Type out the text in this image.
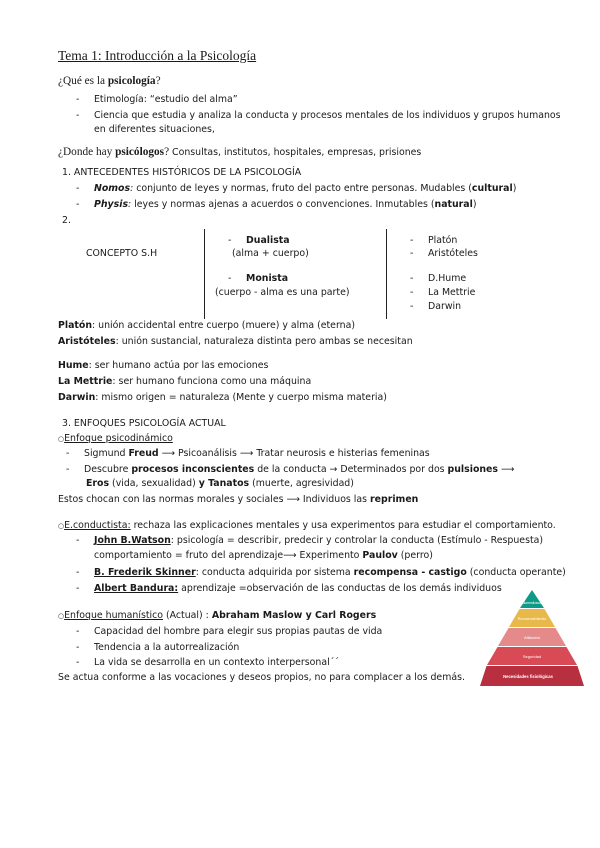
Tema 1: Introducción a la Psicología
¿Qué es la psicología?
- Etimología: “estudio del alma”
- Ciencia que estudia y analiza la conducta y procesos mentales de los individuos y grupos humanos
en diferentes situaciones,
¿Donde hay psicólogos? Consultas, institutos, hospitales, empresas, prisiones
1. ANTECEDENTES HISTÓRICOS DE LA PSICOLOGÍA
- Nomos: conjunto de leyes y normas, fruto del pacto entre personas. Mudables (cultural)
- Physis: leyes y normas ajenas a acuerdos o convenciones. Inmutables (natural)
2.
CONCEPTO S.H
- Dualista
(alma + cuerpo)
- Monista
(cuerpo - alma es una parte)
- Platón
- Aristóteles
- D.Hume
- La Mettrie
- Darwin
Platón: unión accidental entre cuerpo (muere) y alma (eterna)
Aristóteles: unión sustancial, naturaleza distinta pero ambas se necesitan
Hume: ser humano actúa por las emociones
La Mettrie: ser humano funciona como una máquina
Darwin: mismo origen = naturaleza (Mente y cuerpo misma materia)
3. ENFOQUES PSICOLOGÍA ACTUAL
○Enfoque psicodinámico
- Sigmund Freud ⟶ Psicoanálisis ⟶ Tratar neurosis e histerias femeninas
- Descubre procesos inconscientes de la conducta → Determinados por dos pulsiones ⟶
Eros (vida, sexualidad) y Tanatos (muerte, agresividad)
Estos chocan con las normas morales y sociales ⟶ Individuos las reprimen
○E.conductista: rechaza las explicaciones mentales y usa experimentos para estudiar el comportamiento.
- John B.Watson: psicología = describir, predecir y controlar la conducta (Estímulo - Respuesta)
comportamiento = fruto del aprendizaje⟶ Experimento Paulov (perro)
- B. Frederik Skinner: conducta adquirida por sistema recompensa - castigo (conducta operante)
- Albert Bandura: aprendizaje =observación de las conductas de los demás individuos
○Enfoque humanístico (Actual) : Abraham Maslow y Carl Rogers
- Capacidad del hombre para elegir sus propias pautas de vida
- Tendencia a la autorrealización
- La vida se desarrolla en un contexto interpersonal´´
Se actua conforme a las vocaciones y deseos propios, no para complacer a los demás.
Autorrealización
Reconocimiento
Afiliación
Seguridad
Necesidades fisiológicas
